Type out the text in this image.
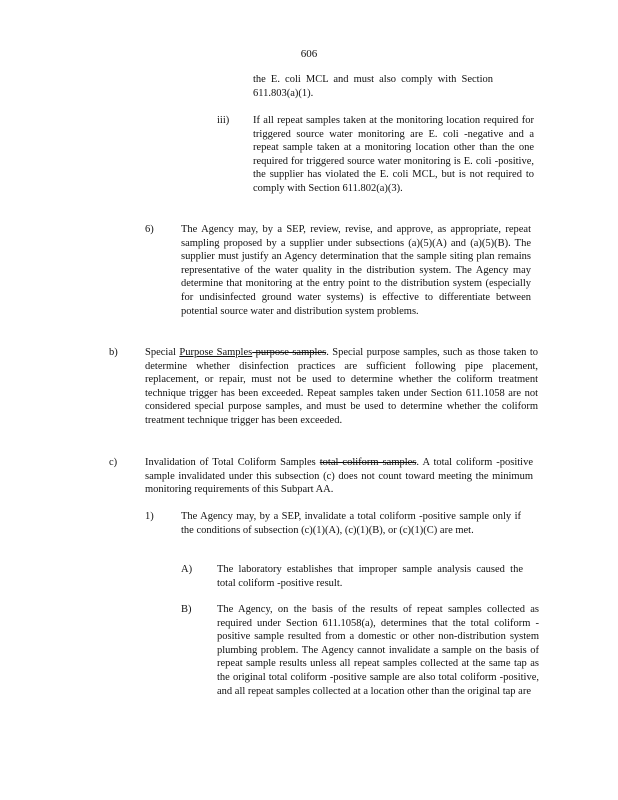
606
the E. coli MCL and must also comply with Section 611.803(a)(1).
iii) If all repeat samples taken at the monitoring location required for triggered source water monitoring are E. coli -negative and a repeat sample taken at a monitoring location other than the one required for triggered source water monitoring is E. coli -positive, the supplier has violated the E. coli MCL, but is not required to comply with Section 611.802(a)(3).
6)	The Agency may, by a SEP, review, revise, and approve, as appropriate, repeat sampling proposed by a supplier under subsections (a)(5)(A) and (a)(5)(B). The supplier must justify an Agency determination that the sample siting plan remains representative of the water quality in the distribution system. The Agency may determine that monitoring at the entry point to the distribution system (especially for undisinfected ground water systems) is effective to differentiate between potential source water and distribution system problems.
b)	Special Purpose Samples purpose samples. Special purpose samples, such as those taken to determine whether disinfection practices are sufficient following pipe placement, replacement, or repair, must not be used to determine whether the coliform treatment technique trigger has been exceeded. Repeat samples taken under Section 611.1058 are not considered special purpose samples, and must be used to determine whether the coliform treatment technique trigger has been exceeded.
c)	Invalidation of Total Coliform Samples total coliform samples. A total coliform -positive sample invalidated under this subsection (c) does not count toward meeting the minimum monitoring requirements of this Subpart AA.
1)	The Agency may, by a SEP, invalidate a total coliform -positive sample only if the conditions of subsection (c)(1)(A), (c)(1)(B), or (c)(1)(C) are met.
A) The laboratory establishes that improper sample analysis caused the total coliform -positive result.
B) The Agency, on the basis of the results of repeat samples collected as required under Section 611.1058(a), determines that the total coliform -positive sample resulted from a domestic or other non-distribution system plumbing problem. The Agency cannot invalidate a sample on the basis of repeat sample results unless all repeat samples collected at the same tap as the original total coliform -positive sample are also total coliform -positive, and all repeat samples collected at a location other than the original tap are
